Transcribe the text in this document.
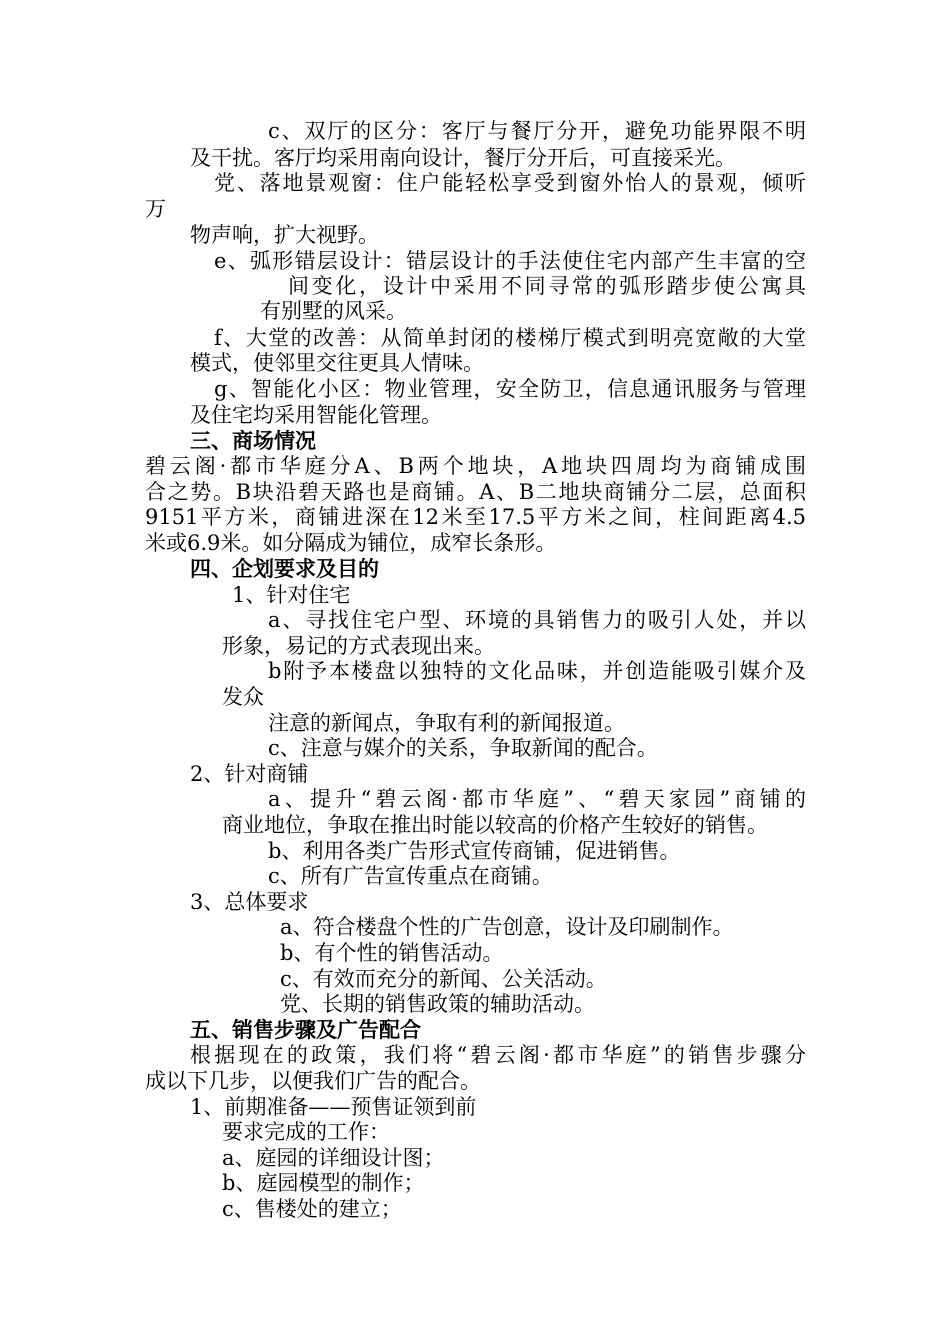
c、双厅的区分：客厅与餐厅分开，避免功能界限不明
及干扰。客厅均采用南向设计，餐厅分开后，可直接采光。
党、落地景观窗：住户能轻松享受到窗外怡人的景观，倾听
万
物声响，扩大视野。
e、弧形错层设计：错层设计的手法使住宅内部产生丰富的空
间变化，设计中采用不同寻常的弧形踏步使公寓具
有别墅的风采。
f、大堂的改善：从简单封闭的楼梯厅模式到明亮宽敞的大堂
模式，使邻里交往更具人情味。
g、智能化小区：物业管理，安全防卫，信息通讯服务与管理
及住宅均采用智能化管理。
三、商场情况
碧云阁·都市华庭分A、B两个地块，A地块四周均为商铺成围
合之势。B块沿碧天路也是商铺。A、B二地块商铺分二层，总面积
9151平方米，商铺进深在12米至17.5平方米之间，柱间距离4.5
米或6.9米。如分隔成为铺位，成窄长条形。
四、企划要求及目的
1、针对住宅
a、寻找住宅户型、环境的具销售力的吸引人处，并以
形象，易记的方式表现出来。
b附予本楼盘以独特的文化品味，并创造能吸引媒介及
发众
注意的新闻点，争取有利的新闻报道。
c、注意与媒介的关系，争取新闻的配合。
2、针对商铺
a、提升“碧云阁·都市华庭”、“碧天家园”商铺的
商业地位，争取在推出时能以较高的价格产生较好的销售。
b、利用各类广告形式宣传商铺，促进销售。
c、所有广告宣传重点在商铺。
3、总体要求
a、符合楼盘个性的广告创意，设计及印刷制作。
b、有个性的销售活动。
c、有效而充分的新闻、公关活动。
党、长期的销售政策的辅助活动。
五、销售步骤及广告配合
根据现在的政策，我们将“碧云阁·都市华庭”的销售步骤分
成以下几步，以便我们广告的配合。
1、前期准备——预售证领到前
要求完成的工作：
a、庭园的详细设计图；
b、庭园模型的制作；
c、售楼处的建立；
